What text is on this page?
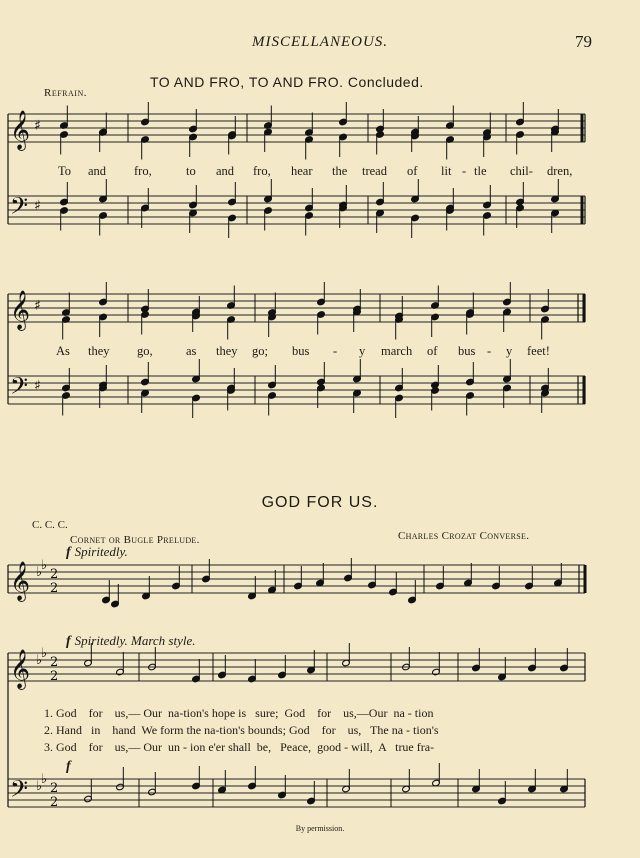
𝄞
𝄢
♯
♯
𝄞
𝄢
♯
♯
𝄞 ♭
♭
2
2
𝄞
𝄢
♭
♭
♭
♭
2
2
2
2
MISCELLANEOUS.	79
TO AND FRO, TO AND FRO. Concluded.
Refrain.
To and fro,	to and fro, hear the tread of lit - tle chil- dren,
As they go,	as they go; bus - y march of bus - y feet!
GOD FOR US.
C. C. C.
Cornet or Bugle Prelude.	Charles Crozat Converse.
f Spiritedly.
f Spiritedly. March style.
1. God    for    us,— Our  na-tion's hope is   sure;  God    for    us,—Our  na - tion
2. Hand   in    hand  We form the na-tion's bounds; God    for    us,   The na - tion's
3. God    for    us,— Our  un - ion e'er shall  be,   Peace,  good - will,  A   true fra-
f
By permission.
